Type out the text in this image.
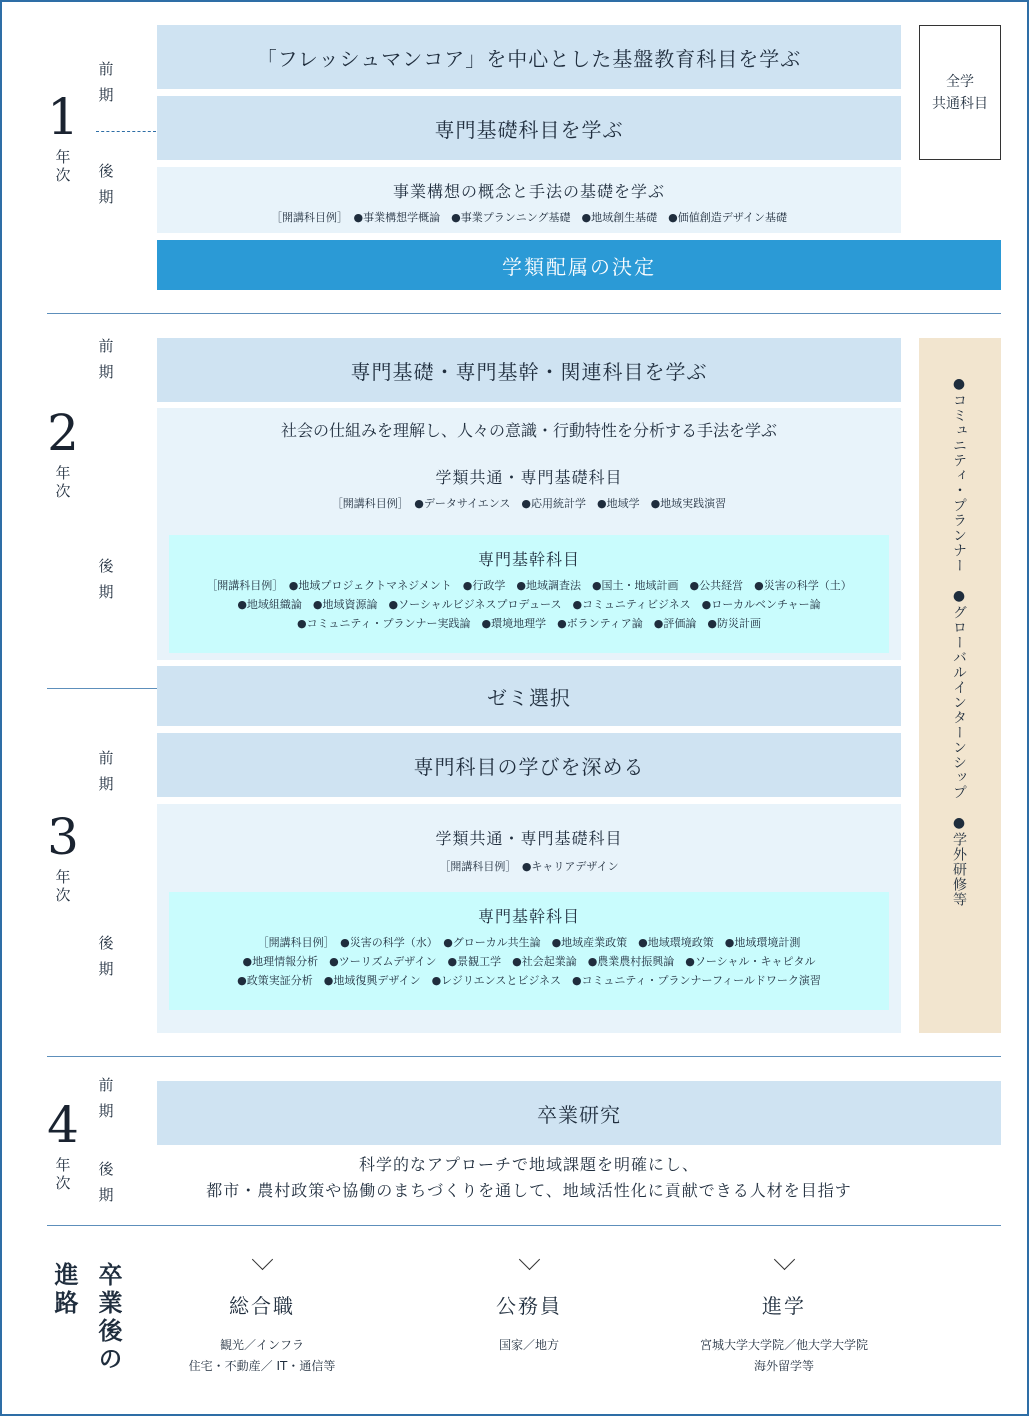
1
年
次
前
期
後
期
「フレッシュマンコア」を中心とした基盤教育科目を学ぶ
専門基礎科目を学ぶ
事業構想の概念と手法の基礎を学ぶ
［開講科目例］　●事業構想学概論　●事業プランニング基礎　●地域創生基礎　●価値創造デザイン基礎
学類配属の決定
全学
共通科目
2
年
次
前
期
後
期
専門基礎・専門基幹・関連科目を学ぶ
社会の仕組みを理解し、人々の意識・行動特性を分析する手法を学ぶ
学類共通・専門基礎科目
［開講科目例］　●データサイエンス　●応用統計学　●地域学　●地域実践演習
専門基幹科目
［開講科目例］　●地域プロジェクトマネジメント　●行政学　●地域調査法　●国土・地域計画　●公共経営　●災害の科学（土）
●地域組織論　●地域資源論　●ソーシャルビジネスプロデュース　●コミュニティビジネス　●ローカルベンチャー論
●コミュニティ・プランナー実践論　●環境地理学　●ボランティア論　●評価論　●防災計画	●コミュニティ・プランナー　●グローバルインターンシップ　●学外研修等
ゼミ選択
3
年
次
前
期
後
期
専門科目の学びを深める
学類共通・専門基礎科目
［開講科目例］　●キャリアデザイン
専門基幹科目
［開講科目例］　●災害の科学（水）　●グローカル共生論　●地域産業政策　●地域環境政策　●地域環境計測
●地理情報分析　●ツーリズムデザイン　●景観工学　●社会起業論　●農業農村振興論　●ソーシャル・キャピタル
●政策実証分析　●地域復興デザイン　●レジリエンスとビジネス　●コミュニティ・プランナーフィールドワーク演習
4
年
次
前
期
後
期
卒業研究
科学的なアプローチで地域課題を明確にし、
都市・農村政策や協働のまちづくりを通して、地域活性化に貢献できる人材を目指す
卒業後の
進路	総合職
観光／インフラ
住宅・不動産／ IT・通信等
公務員
国家／地方
進学
宮城大学大学院／他大学大学院
海外留学等
